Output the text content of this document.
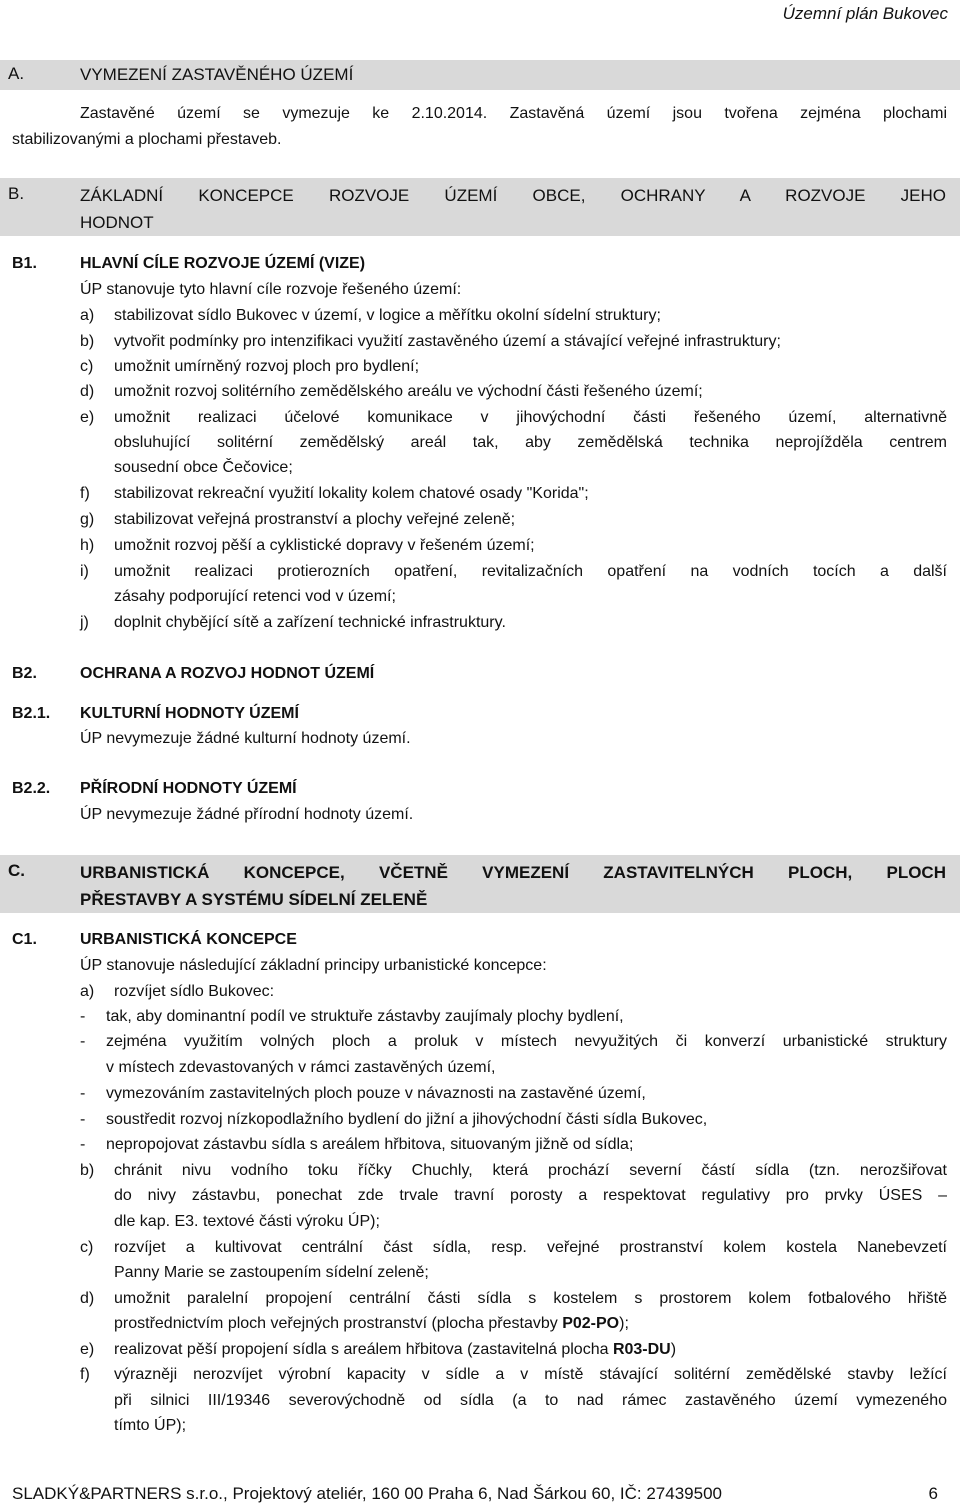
Územní plán Bukovec
A.	VYMEZENÍ ZASTAVĚNÉHO ÚZEMÍ
Zastavěné území se vymezuje ke 2.10.2014. Zastavěná území jsou tvořena zejména plochami
stabilizovanými a plochami přestaveb.
B.	ZÁKLADNÍ KONCEPCE ROZVOJE ÚZEMÍ OBCE, OCHRANY A ROZVOJE JEHO
HODNOT
B1.	HLAVNÍ CÍLE ROZVOJE ÚZEMÍ (VIZE)
ÚP stanovuje tyto hlavní cíle rozvoje řešeného území:
a) stabilizovat sídlo Bukovec v území, v logice a měřítku okolní sídelní struktury;
b) vytvořit podmínky pro intenzifikaci využití zastavěného území a stávající veřejné infrastruktury;
c) umožnit umírněný rozvoj ploch pro bydlení;
d) umožnit rozvoj solitérního zemědělského areálu ve východní části řešeného území;
e) umožnit realizaci účelové komunikace v jihovýchodní části řešeného území, alternativně
obsluhující solitérní zemědělský areál tak, aby zemědělská technika neprojížděla centrem
sousední obce Čečovice;
f) stabilizovat rekreační využití lokality kolem chatové osady "Korida";
g) stabilizovat veřejná prostranství a plochy veřejné zeleně;
h) umožnit rozvoj pěší a cyklistické dopravy v řešeném území;
i) umožnit realizaci protierozních opatření, revitalizačních opatření na vodních tocích a další
zásahy podporující retenci vod v území;
j) doplnit chybějící sítě a zařízení technické infrastruktury.
B2.	OCHRANA A ROZVOJ HODNOT ÚZEMÍ
B2.1. KULTURNÍ HODNOTY ÚZEMÍ
ÚP nevymezuje žádné kulturní hodnoty území.
B2.2. PŘÍRODNÍ HODNOTY ÚZEMÍ
ÚP nevymezuje žádné přírodní hodnoty území.
C.	URBANISTICKÁ KONCEPCE, VČETNĚ VYMEZENÍ ZASTAVITELNÝCH PLOCH, PLOCH
PŘESTAVBY A SYSTÉMU SÍDELNÍ ZELENĚ
C1.	URBANISTICKÁ KONCEPCE
ÚP stanovuje následující základní principy urbanistické koncepce:
a) rozvíjet sídlo Bukovec:
- tak, aby dominantní podíl ve struktuře zástavby zaujímaly plochy bydlení,
- zejména využitím volných ploch a proluk v místech nevyužitých či konverzí urbanistické struktury
v místech zdevastovaných v rámci zastavěných území,
- vymezováním zastavitelných ploch pouze v návaznosti na zastavěné území,
- soustředit rozvoj nízkopodlažního bydlení do jižní a jihovýchodní části sídla Bukovec,
- nepropojovat zástavbu sídla s areálem hřbitova, situovaným jižně od sídla;
b) chránit nivu vodního toku říčky Chuchly, která prochází severní částí sídla (tzn. nerozšiřovat
do nivy zástavbu, ponechat zde trvale travní porosty a respektovat regulativy pro prvky ÚSES –
dle kap. E3. textové části výroku ÚP);
c) rozvíjet a kultivovat centrální část sídla, resp. veřejné prostranství kolem kostela Nanebevzetí
Panny Marie se zastoupením sídelní zeleně;
d) umožnit paralelní propojení centrální části sídla s kostelem s prostorem kolem fotbalového hřiště
prostřednictvím ploch veřejných prostranství (plocha přestavby P02-PO);
e) realizovat pěší propojení sídla s areálem hřbitova (zastavitelná plocha R03-DU)
f) výrazněji nerozvíjet výrobní kapacity v sídle a v místě stávající solitérní zemědělské stavby ležící
při silnici III/19346 severovýchodně od sídla (a to nad rámec zastavěného území vymezeného
tímto ÚP);
SLADKÝ&PARTNERS s.r.o., Projektový ateliér, 160 00 Praha 6, Nad Šárkou 60, IČ: 27439500	6
